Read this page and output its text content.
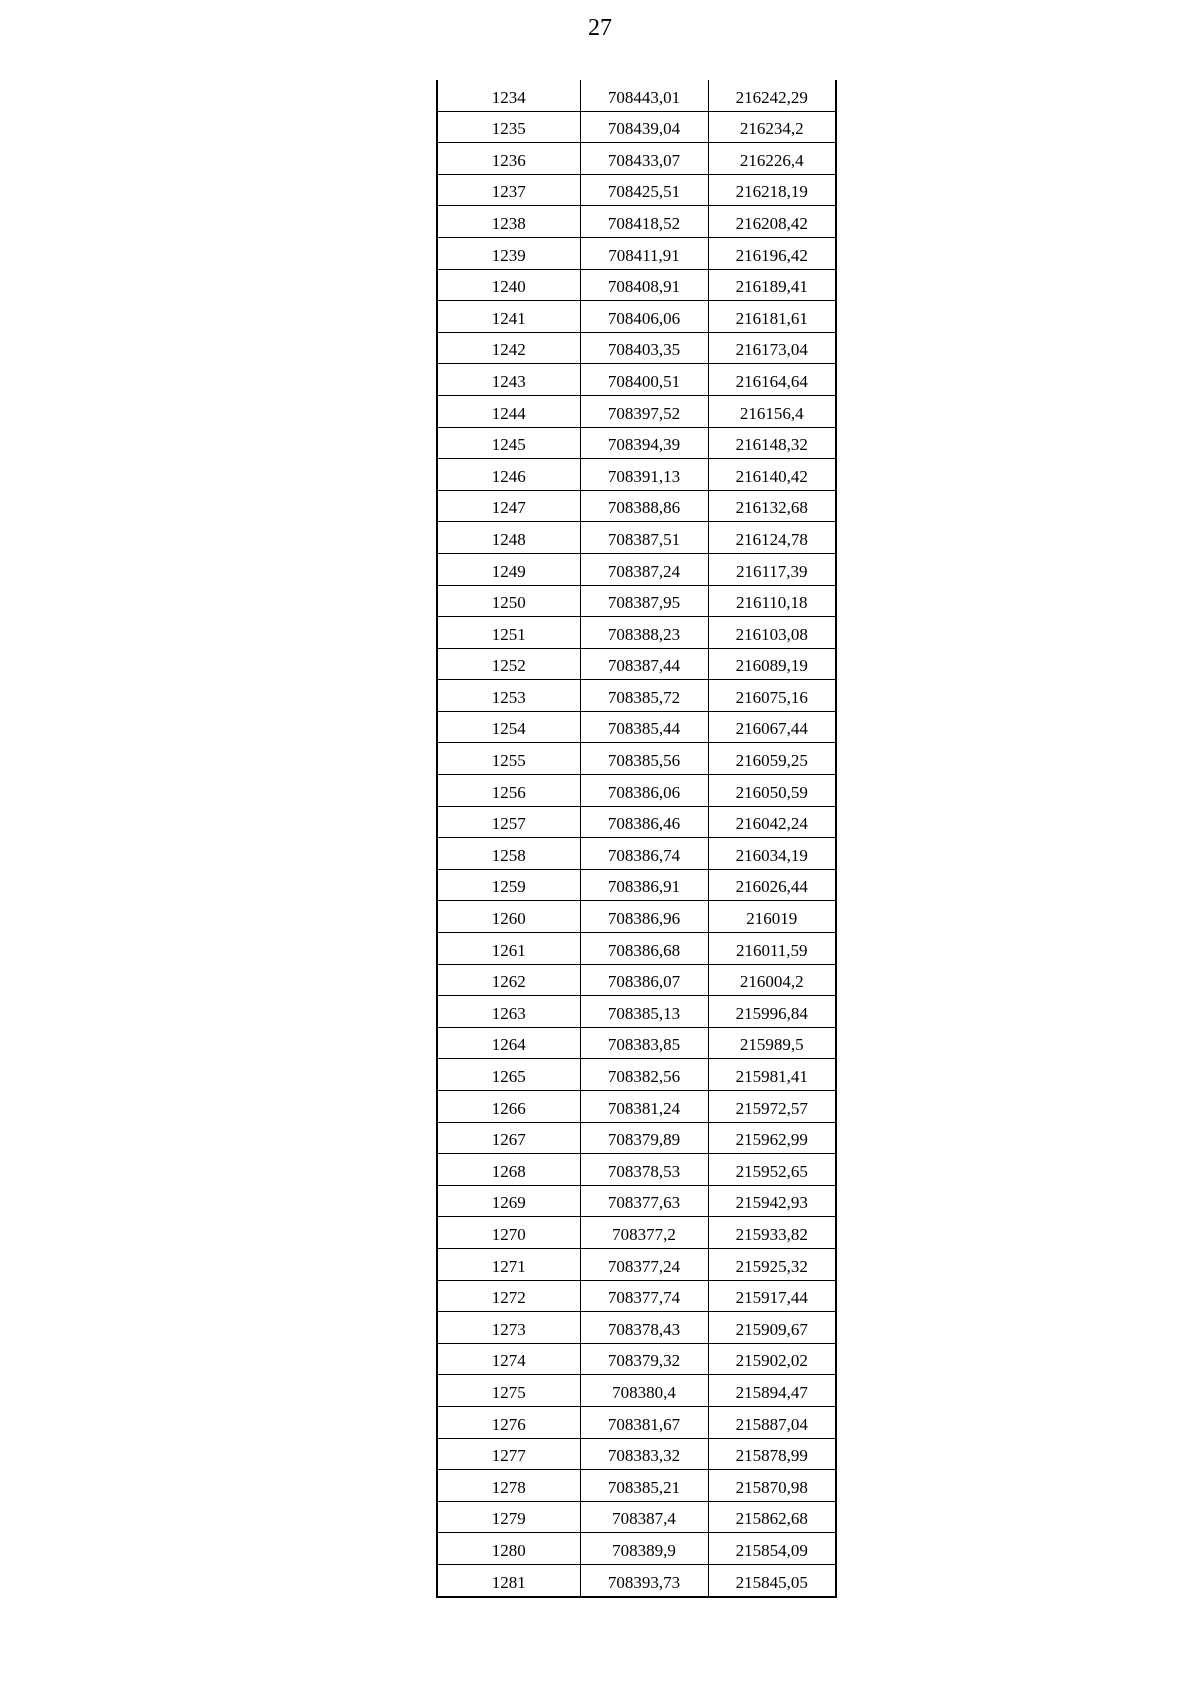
27
1234	708443,01	216242,29
1235	708439,04	216234,2
1236	708433,07	216226,4
1237	708425,51	216218,19
1238	708418,52	216208,42
1239	708411,91	216196,42
1240	708408,91	216189,41
1241	708406,06	216181,61
1242	708403,35	216173,04
1243	708400,51	216164,64
1244	708397,52	216156,4
1245	708394,39	216148,32
1246	708391,13	216140,42
1247	708388,86	216132,68
1248	708387,51	216124,78
1249	708387,24	216117,39
1250	708387,95	216110,18
1251	708388,23	216103,08
1252	708387,44	216089,19
1253	708385,72	216075,16
1254	708385,44	216067,44
1255	708385,56	216059,25
1256	708386,06	216050,59
1257	708386,46	216042,24
1258	708386,74	216034,19
1259	708386,91	216026,44
1260	708386,96	216019
1261	708386,68	216011,59
1262	708386,07	216004,2
1263	708385,13	215996,84
1264	708383,85	215989,5
1265	708382,56	215981,41
1266	708381,24	215972,57
1267	708379,89	215962,99
1268	708378,53	215952,65
1269	708377,63	215942,93
1270	708377,2	215933,82
1271	708377,24	215925,32
1272	708377,74	215917,44
1273	708378,43	215909,67
1274	708379,32	215902,02
1275	708380,4	215894,47
1276	708381,67	215887,04
1277	708383,32	215878,99
1278	708385,21	215870,98
1279	708387,4	215862,68
1280	708389,9	215854,09
1281	708393,73	215845,05
